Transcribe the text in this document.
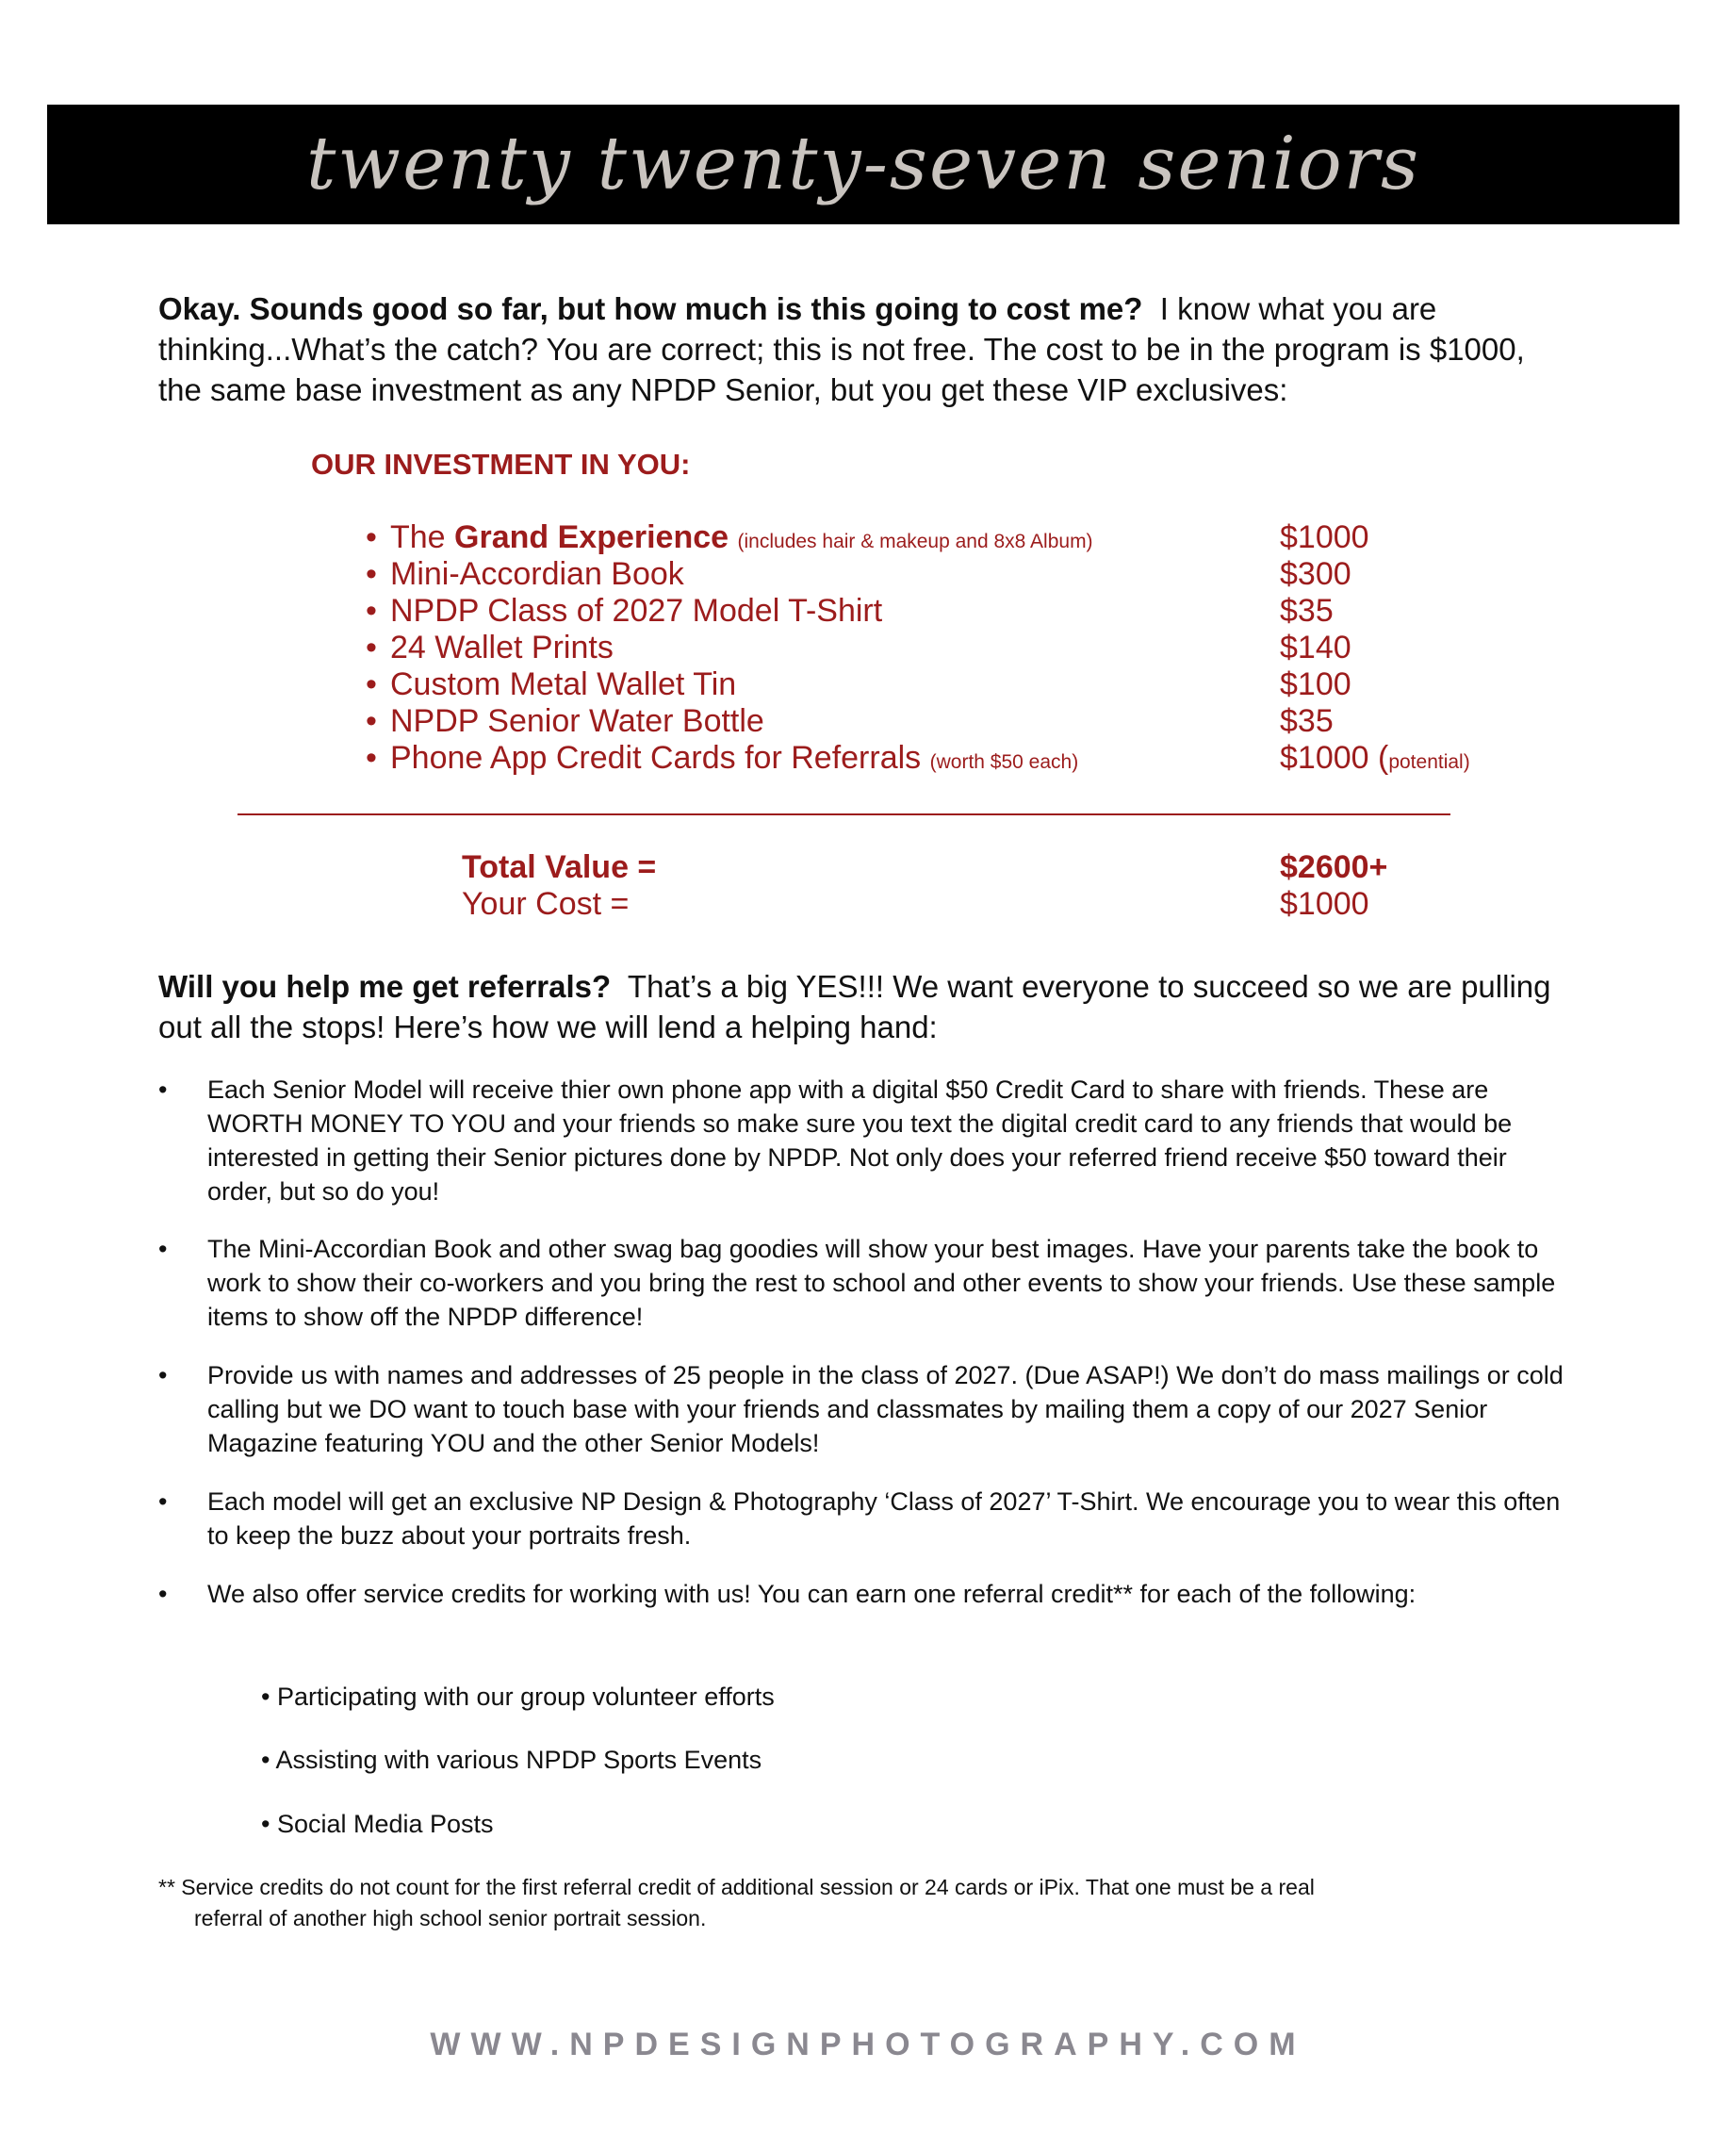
twenty twenty-seven seniors
Okay. Sounds good so far, but how much is this going to cost me? I know what you are thinking...What’s the catch? You are correct; this is not free. The cost to be in the program is $1000, the same base investment as any NPDP Senior, but you get these VIP exclusives:
OUR INVESTMENT IN YOU:
• The Grand Experience (includes hair & makeup and 8x8 Album)	$1000
• Mini-Accordian Book	$300
• NPDP Class of 2027 Model T-Shirt	$35
• 24 Wallet Prints	$140
• Custom Metal Wallet Tin	$100
• NPDP Senior Water Bottle	$35
• Phone App Credit Cards for Referrals (worth $50 each)	$1000 (potential)
Total Value =	$2600+
Your Cost =	$1000
Will you help me get referrals? That’s a big YES!!! We want everyone to succeed so we are pulling out all the stops! Here’s how we will lend a helping hand:
• Each Senior Model will receive thier own phone app with a digital $50 Credit Card to share with friends. These are WORTH MONEY TO YOU and your friends so make sure you text the digital credit card to any friends that would be interested in getting their Senior pictures done by NPDP. Not only does your referred friend receive $50 toward their order, but so do you!
• The Mini-Accordian Book and other swag bag goodies will show your best images. Have your parents take the book to work to show their co-workers and you bring the rest to school and other events to show your friends. Use these sample items to show off the NPDP difference!
• Provide us with names and addresses of 25 people in the class of 2027. (Due ASAP!) We don’t do mass mailings or cold calling but we DO want to touch base with your friends and classmates by mailing them a copy of our 2027 Senior Magazine featuring YOU and the other Senior Models!
• Each model will get an exclusive NP Design & Photography ‘Class of 2027’ T-Shirt. We encourage you to wear this often to keep the buzz about your portraits fresh.
• We also offer service credits for working with us! You can earn one referral credit** for each of the following:
• Participating with our group volunteer efforts
• Assisting with various NPDP Sports Events
• Social Media Posts
** Service credits do not count for the first referral credit of additional session or 24 cards or iPix. That one must be a real
referral of another high school senior portrait session.
WWW.NPDESIGNPHOTOGRAPHY.COM
